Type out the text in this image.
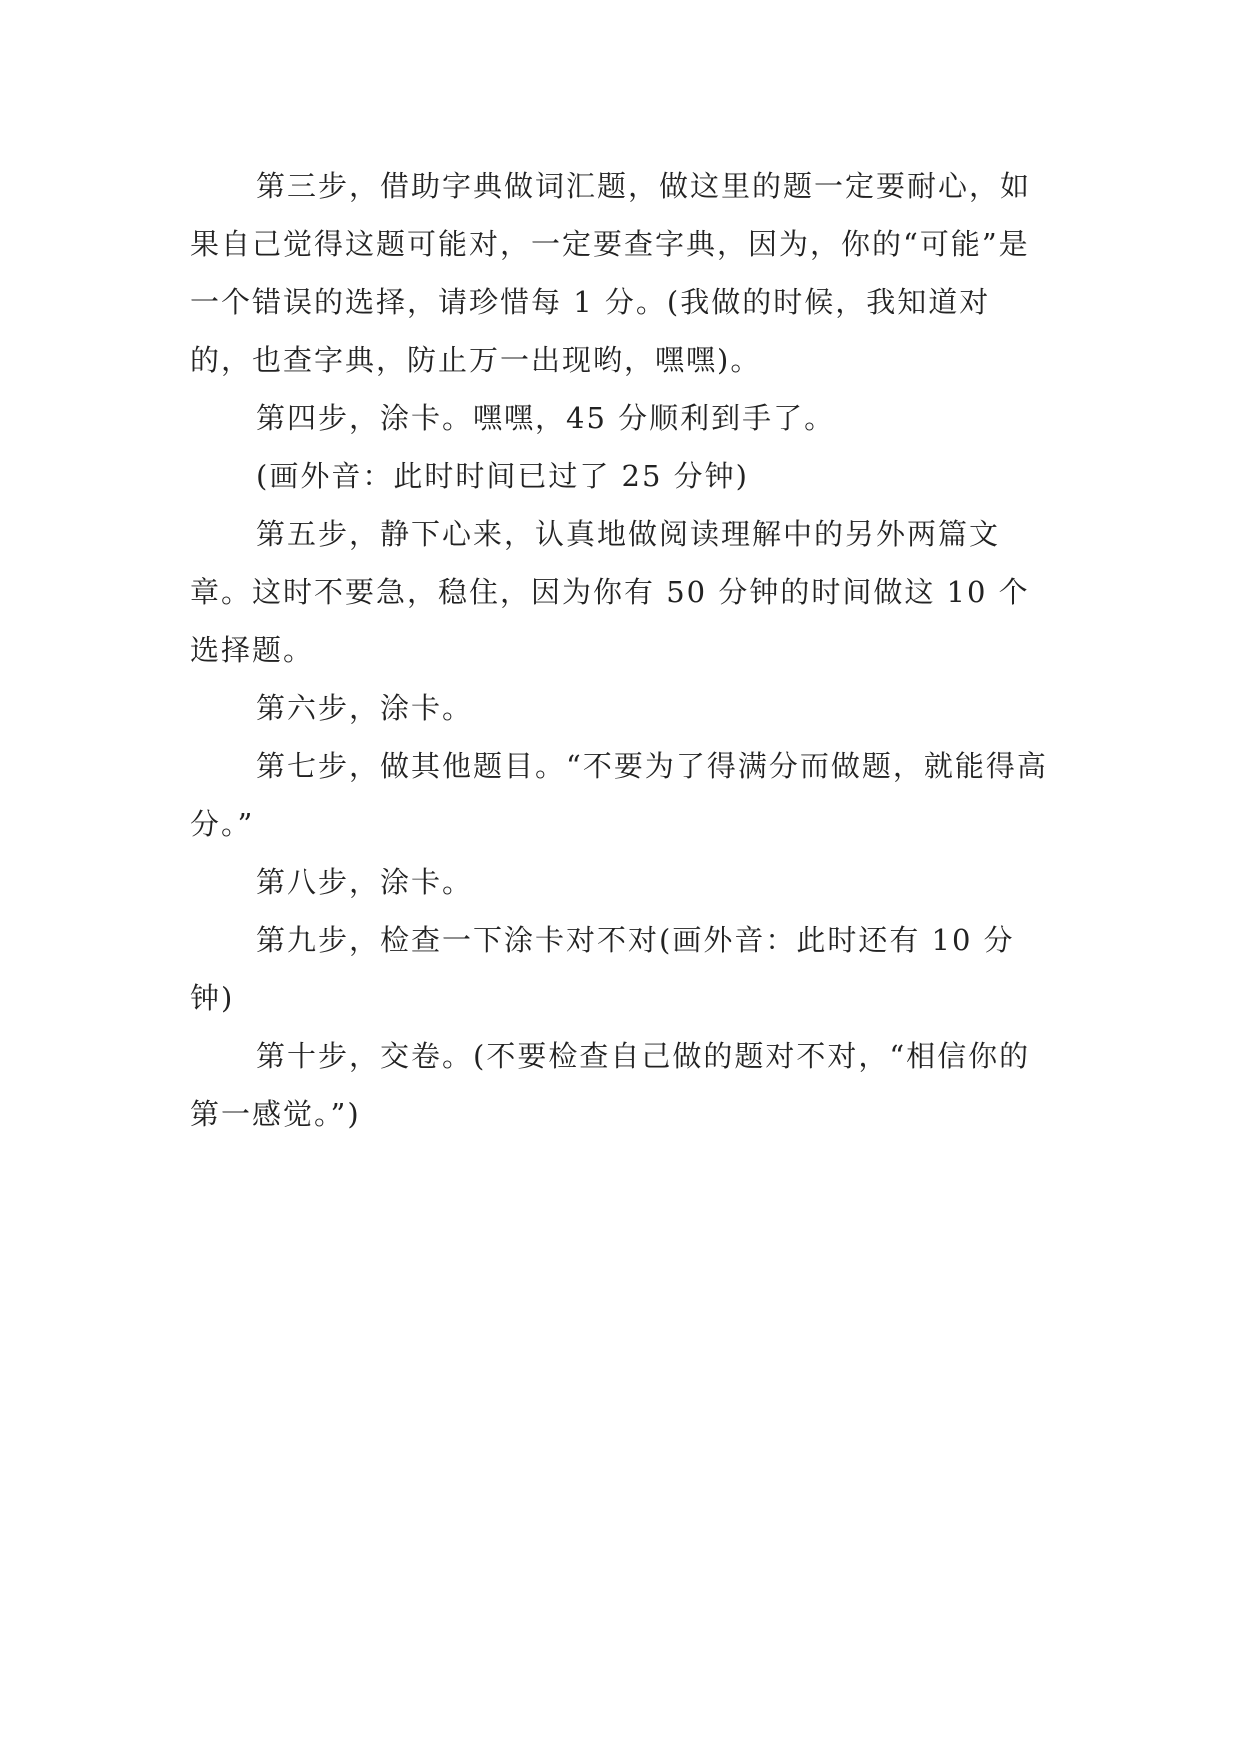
第三步，借助字典做词汇题，做这里的题一定要耐心，如果自己觉得这题可能对，一定要查字典，因为，你的“可能”是一个错误的选择，请珍惜每 1 分。(我做的时候，我知道对的，也查字典，防止万一出现哟，嘿嘿)。

第四步，涂卡。嘿嘿，45 分顺利到手了。

(画外音：此时时间已过了 25 分钟)

第五步，静下心来，认真地做阅读理解中的另外两篇文章。这时不要急，稳住，因为你有 50 分钟的时间做这 10 个选择题。

第六步，涂卡。

第七步，做其他题目。“不要为了得满分而做题，就能得高分。”

第八步，涂卡。

第九步，检查一下涂卡对不对(画外音：此时还有 10 分钟)

第十步，交卷。(不要检查自己做的题对不对，“相信你的第一感觉。”)
